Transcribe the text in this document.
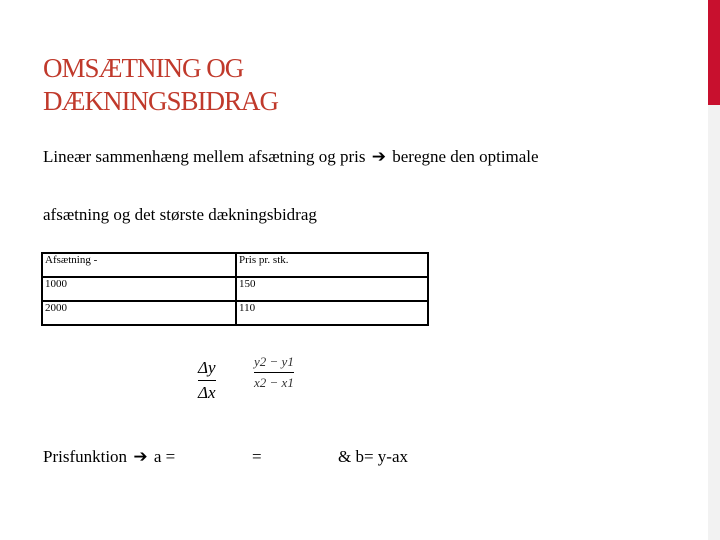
OMSÆTNING OG
DÆKNINGSBIDRAG
Lineær sammenhæng mellem afsætning og pris ➔ beregne den optimale
afsætning og det største dækningsbidrag
Afsætning -	Pris pr. stk.
1000	150
2000	110
$\frac{\Delta y}{\Delta x}$	$\frac{y2 - y1}{x2 - x1}$
Prisfunktion ➔ a =	=	& b= y-ax
